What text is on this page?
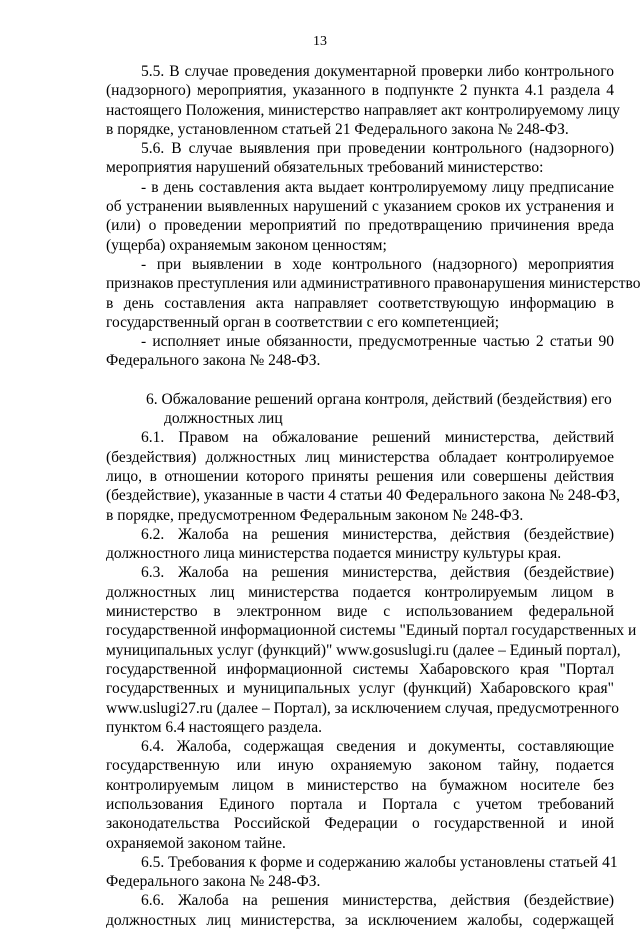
13
5.5. В случае проведения документарной проверки либо контрольного
(надзорного) мероприятия, указанного в подпункте 2 пункта 4.1 раздела 4
настоящего Положения, министерство направляет акт контролируемому лицу
в порядке, установленном статьей 21 Федерального закона № 248-ФЗ.
5.6. В случае выявления при проведении контрольного (надзорного)
мероприятия нарушений обязательных требований министерство:
- в день составления акта выдает контролируемому лицу предписание
об устранении выявленных нарушений с указанием сроков их устранения и
(или) о проведении мероприятий по предотвращению причинения вреда
(ущерба) охраняемым законом ценностям;
- при выявлении в ходе контрольного (надзорного) мероприятия
признаков преступления или административного правонарушения министерство
в день составления акта направляет соответствующую информацию в
государственный орган в соответствии с его компетенцией;
- исполняет иные обязанности, предусмотренные частью 2 статьи 90
Федерального закона № 248-ФЗ.
6. Обжалование решений органа контроля, действий (бездействия) его
должностных лиц
6.1. Правом на обжалование решений министерства, действий
(бездействия) должностных лиц министерства обладает контролируемое
лицо, в отношении которого приняты решения или совершены действия
(бездействие), указанные в части 4 статьи 40 Федерального закона № 248-ФЗ,
в порядке, предусмотренном Федеральным законом № 248-ФЗ.
6.2. Жалоба на решения министерства, действия (бездействие)
должностного лица министерства подается министру культуры края.
6.3. Жалоба на решения министерства, действия (бездействие)
должностных лиц министерства подается контролируемым лицом в
министерство в электронном виде с использованием федеральной
государственной информационной системы "Единый портал государственных и
муниципальных услуг (функций)" www.gosuslugi.ru (далее – Единый портал),
государственной информационной системы Хабаровского края "Портал
государственных и муниципальных услуг (функций) Хабаровского края"
www.uslugi27.ru (далее – Портал), за исключением случая, предусмотренного
пунктом 6.4 настоящего раздела.
6.4. Жалоба, содержащая сведения и документы, составляющие
государственную или иную охраняемую законом тайну, подается
контролируемым лицом в министерство на бумажном носителе без
использования Единого портала и Портала с учетом требований
законодательства Российской Федерации о государственной и иной
охраняемой законом тайне.
6.5. Требования к форме и содержанию жалобы установлены статьей 41
Федерального закона № 248-ФЗ.
6.6. Жалоба на решения министерства, действия (бездействие)
должностных лиц министерства, за исключением жалобы, содержащей
